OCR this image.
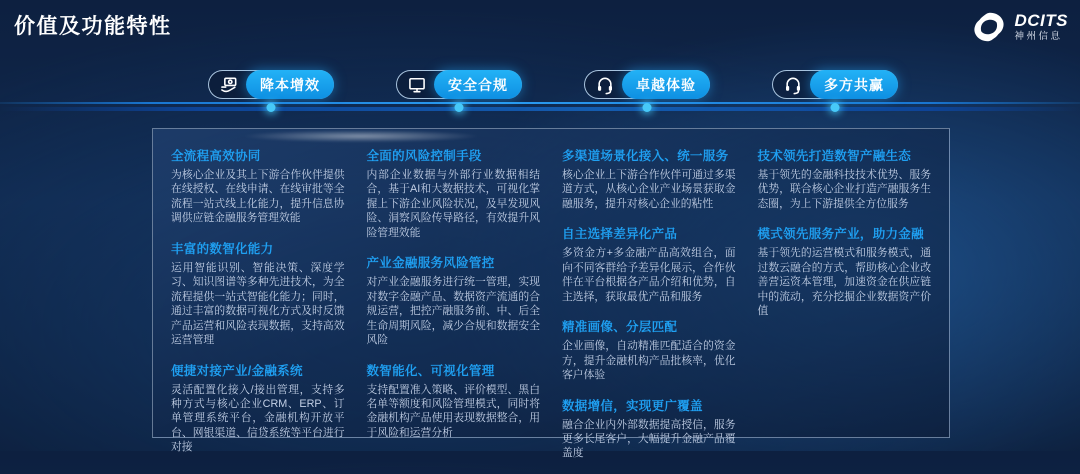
价值及功能特性	DCITS
神州信息
降本增效	安全合规	卓越体验	多方共赢
全流程高效协同
为核心企业及其上下游合作伙伴提供在线授权、在线申请、在线审批等全流程一站式线上化能力，提升信息协调供应链金融服务管理效能
丰富的数智化能力
运用智能识别、智能决策、深度学习、知识图谱等多种先进技术，为全流程提供一站式智能化能力；同时，通过丰富的数据可视化方式及时反馈产品运营和风险表现数据，支持高效运营管理
便捷对接产业/金融系统
灵活配置化接入/接出管理，支持多种方式与核心企业CRM、ERP、订单管理系统平台，金融机构开放平台、网银渠道、信贷系统等平台进行对接
全面的风险控制手段
内部企业数据与外部行业数据相结合，基于AI和大数据技术，可视化掌握上下游企业风险状况，及早发现风险、洞察风险传导路径，有效提升风险管理效能
产业金融服务风险管控
对产业金融服务进行统一管理，实现对数字金融产品、数据资产流通的合规运营，把控产融服务前、中、后全生命周期风险，减少合规和数据安全风险
数智能化、可视化管理
支持配置准入策略、评价模型、黑白名单等额度和风险管理模式，同时将金融机构产品使用表现数据整合，用于风险和运营分析
多渠道场景化接入、统一服务
核心企业上下游合作伙伴可通过多渠道方式，从核心企业产业场景获取金融服务，提升对核心企业的粘性
自主选择差异化产品
多资金方+多金融产品高效组合，面向不同客群给予差异化展示，合作伙伴在平台根据各产品介绍和优势，自主选择，获取最优产品和服务
精准画像、分层匹配
企业画像，自动精准匹配适合的资金方，提升金融机构产品批核率，优化客户体验
数据增信，实现更广覆盖
融合企业内外部数据提高授信，服务更多长尾客户，大幅提升金融产品覆盖度
技术领先打造数智产融生态
基于领先的金融科技技术优势、服务优势，联合核心企业打造产融服务生态圈，为上下游提供全方位服务
模式领先服务产业，助力金融
基于领先的运营模式和服务模式，通过数云融合的方式，帮助核心企业改善营运资本管理，加速资金在供应链中的流动，充分挖掘企业数据资产价值
